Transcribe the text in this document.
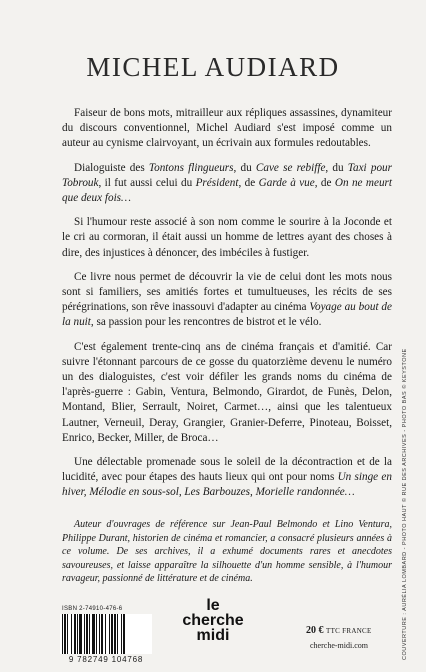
MICHEL AUDIARD

Faiseur de bons mots, mitrailleur aux répliques assassines, dynamiteur du discours conventionnel, Michel Audiard s'est imposé comme un auteur au cynisme clairvoyant, un écrivain aux formules redoutables.

Dialoguiste des Tontons flingueurs, du Cave se rebiffe, du Taxi pour Tobrouk, il fut aussi celui du Président, de Garde à vue, de On ne meurt que deux fois…

Si l'humour reste associé à son nom comme le sourire à la Joconde et le cri au cormoran, il était aussi un homme de lettres ayant des choses à dire, des injustices à dénoncer, des imbéciles à fustiger.

Ce livre nous permet de découvrir la vie de celui dont les mots nous sont si familiers, ses amitiés fortes et tumultueuses, les récits de ses pérégrinations, son rêve inassouvi d'adapter au cinéma Voyage au bout de la nuit, sa passion pour les rencontres de bistrot et le vélo.

C'est également trente-cinq ans de cinéma français et d'amitié. Car suivre l'étonnant parcours de ce gosse du quatorzième devenu le numéro un des dialoguistes, c'est voir défiler les grands noms du cinéma de l'après-guerre : Gabin, Ventura, Belmondo, Girardot, de Funès, Delon, Montand, Blier, Serrault, Noiret, Carmet…, ainsi que les talentueux Lautner, Verneuil, Deray, Grangier, Granier-Deferre, Pinoteau, Boisset, Enrico, Becker, Miller, de Broca…

Une délectable promenade sous le soleil de la décontraction et de la lucidité, avec pour étapes des hauts lieux qui ont pour noms Un singe en hiver, Mélodie en sous-sol, Les Barbouzes, Morielle randonnée…

Auteur d'ouvrages de référence sur Jean-Paul Belmondo et Lino Ventura, Philippe Durant, historien de cinéma et romancier, a consacré plusieurs années à ce volume. De ses archives, il a exhumé documents rares et anecdotes savoureuses, et laisse apparaître la silhouette d'un homme sensible, à l'humour ravageur, passionné de littérature et de cinéma.	COUVERTURE : AURÉLIA LOMBARD - PHOTO HAUT © RUE DES ARCHIVES - PHOTO BAS © KEYSTONE
ISBN 2-74910-476-6
9 782749 104768
le
cherche
midi	20 € TTC FRANCE
cherche-midi.com
